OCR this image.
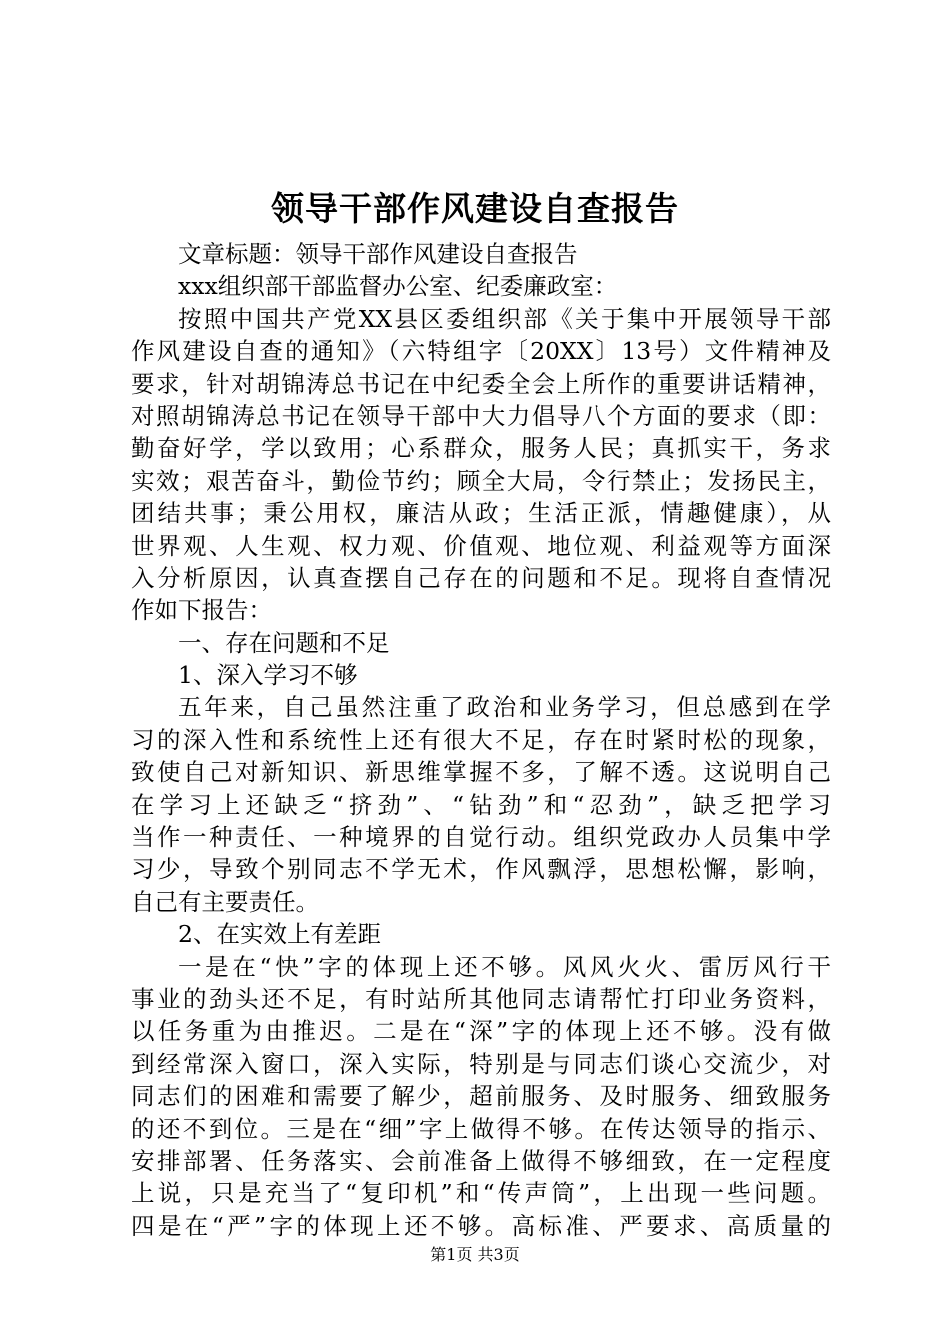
领导干部作风建设自查报告
文章标题：领导干部作风建设自查报告
xxx组织部干部监督办公室、纪委廉政室：
按照中国共产党XX县区委组织部《关于集中开展领导干部
作风建设自查的通知》（六特组字〔20XX〕13号）文件精神及
要求，针对胡锦涛总书记在中纪委全会上所作的重要讲话精神，
对照胡锦涛总书记在领导干部中大力倡导八个方面的要求（即：
勤奋好学，学以致用；心系群众，服务人民；真抓实干，务求
实效；艰苦奋斗，勤俭节约；顾全大局，令行禁止；发扬民主，
团结共事；秉公用权，廉洁从政；生活正派，情趣健康），从
世界观、人生观、权力观、价值观、地位观、利益观等方面深
入分析原因，认真查摆自己存在的问题和不足。现将自查情况
作如下报告：
一、存在问题和不足
1、深入学习不够
五年来，自己虽然注重了政治和业务学习，但总感到在学
习的深入性和系统性上还有很大不足，存在时紧时松的现象，
致使自己对新知识、新思维掌握不多，了解不透。这说明自己
在学习上还缺乏“挤劲”、“钻劲”和“忍劲”，缺乏把学习
当作一种责任、一种境界的自觉行动。组织党政办人员集中学
习少，导致个别同志不学无术，作风飘浮，思想松懈，影响，
自己有主要责任。
2、在实效上有差距
一是在“快”字的体现上还不够。风风火火、雷厉风行干
事业的劲头还不足，有时站所其他同志请帮忙打印业务资料，
以任务重为由推迟。二是在“深”字的体现上还不够。没有做
到经常深入窗口，深入实际，特别是与同志们谈心交流少，对
同志们的困难和需要了解少，超前服务、及时服务、细致服务
的还不到位。三是在“细”字上做得不够。在传达领导的指示、
安排部署、任务落实、会前准备上做得不够细致，在一定程度
上说，只是充当了“复印机”和“传声筒”，上出现一些问题。
四是在“严”字的体现上还不够。高标准、严要求、高质量的
第1页 共3页
